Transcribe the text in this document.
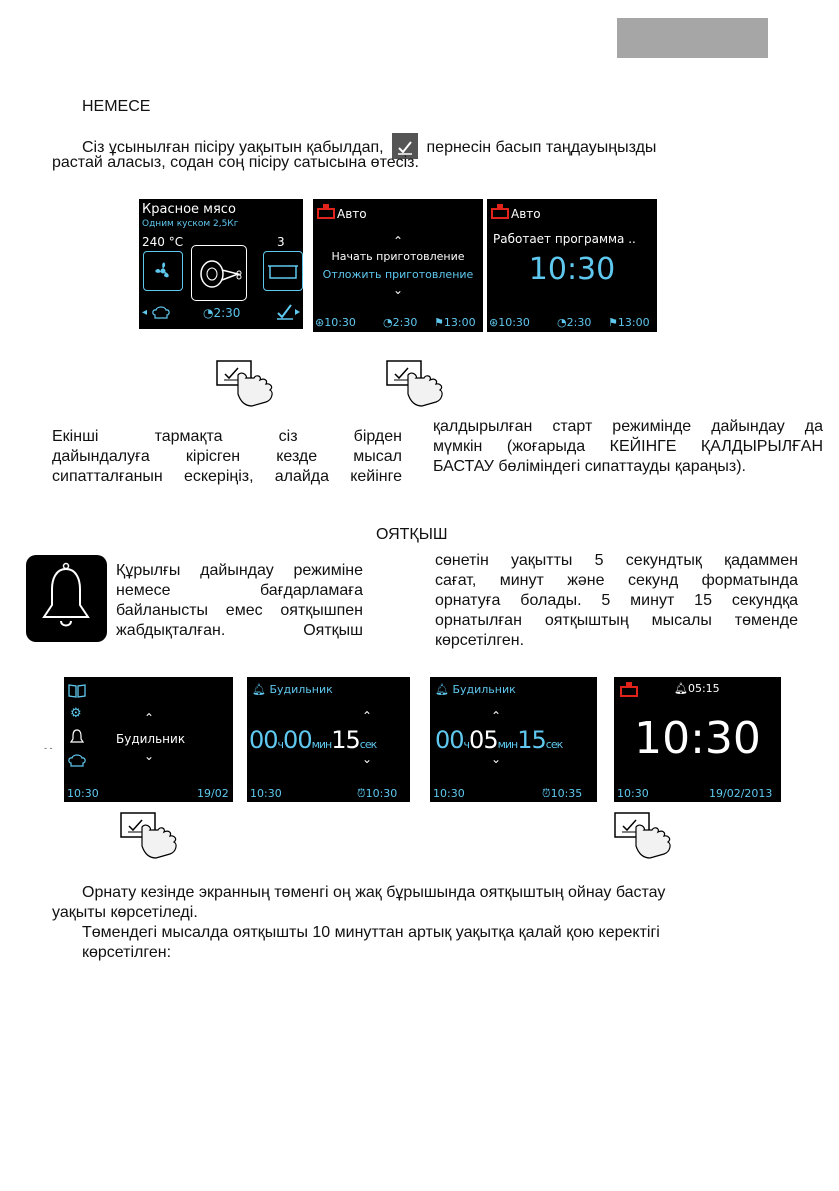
НЕМЕСЕ
Сіз ұсынылған пісіру уақытын қабылдап,	пернесін басып таңдауыңызды
растай аласыз, содан соң пісіру сатысына өтесіз.
Красное мясо
Одним куском 2,5Кг
240 °C	3
◂	◔2:30
Авто
⌃
Начать приготовление
Отложить приготовление
⌄
⊛10:30 ◔2:30 ⚑13:00
Авто
Работает программа ..
10:30
⊛10:30 ◔2:30 ⚑13:00
Екінші тармақта сіз бірден
дайындалуға кірісген кезде мысал
сипатталғанын ескеріңіз, алайда кейінге
қалдырылған старт режимінде дайындау да
мүмкін (жоғарыда КЕЙІНГЕ ҚАЛДЫРЫЛҒАН
БАСТАУ бөліміндегі сипаттауды қараңыз).
ОЯТҚЫШ
Құрылғы дайындау режиміне
немесе бағдарламаға
байланысты емес оятқышпен
жабдықталған. Оятқыш
сөнетін уақытты 5 секундтық қадаммен
сағат, минут және секунд форматында
орнатуға болады. 5 минут 15 секундқа
орнатылған оятқыштың мысалы төменде
көрсетілген.
⚙	⌃
Будильник
⌄
10:30	19/02
- -
🔔︎ Будильник
⌃
00ч00мин15сек
⌄
10:30	⏰︎10:30
🔔︎ Будильник
⌃
00ч05мин15сек
⌄
10:30	⏰︎10:35
🔔︎05:15
10:30
10:30	19/02/2013
Орнату кезінде экранның төменгі оң жақ бұрышында оятқыштың ойнау бастау
уақыты көрсетіледі.
Төмендегі мысалда оятқышты 10 минуттан артық уақытқа қалай қою керектігі
көрсетілген:
